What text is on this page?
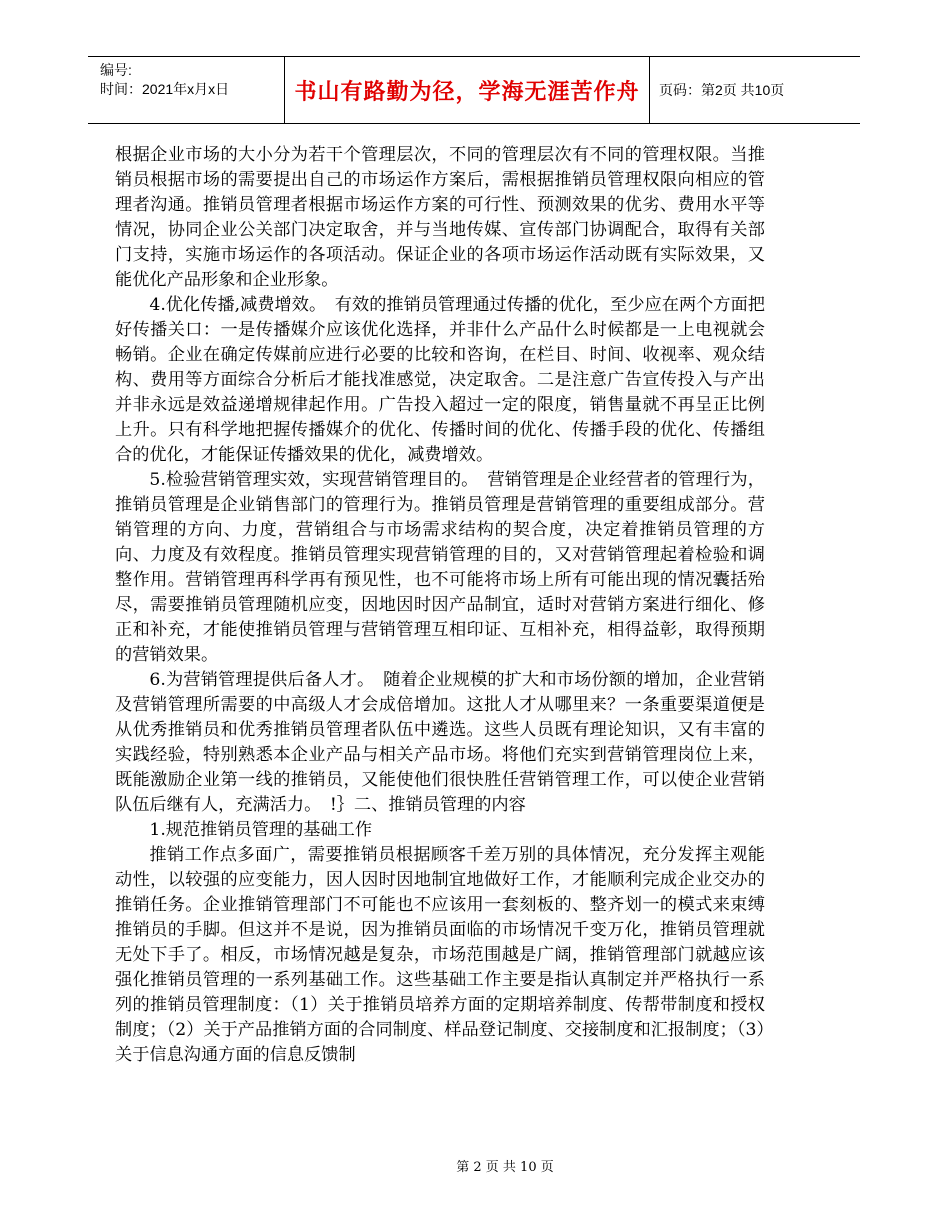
编号:
时间：2021年x月x日	书山有路勤为径，学海无涯苦作舟	页码：第2页 共10页

根据企业市场的大小分为若干个管理层次，不同的管理层次有不同的管理权限。当推销员根据市场的需要提出自己的市场运作方案后，需根据推销员管理权限向相应的管理者沟通。推销员管理者根据市场运作方案的可行性、预测效果的优劣、费用水平等情况，协同企业公关部门决定取舍，并与当地传媒、宣传部门协调配合，取得有关部门支持，实施市场运作的各项活动。保证企业的各项市场运作活动既有实际效果，又能优化产品形象和企业形象。

4.优化传播,减费增效。　有效的推销员管理通过传播的优化，至少应在两个方面把好传播关口：一是传播媒介应该优化选择，并非什么产品什么时候都是一上电视就会畅销。企业在确定传媒前应进行必要的比较和咨询，在栏目、时间、收视率、观众结构、费用等方面综合分析后才能找准感觉，决定取舍。二是注意广告宣传投入与产出并非永远是效益递增规律起作用。广告投入超过一定的限度，销售量就不再呈正比例上升。只有科学地把握传播媒介的优化、传播时间的优化、传播手段的优化、传播组合的优化，才能保证传播效果的优化，减费增效。

5.检验营销管理实效，实现营销管理目的。　营销管理是企业经营者的管理行为，推销员管理是企业销售部门的管理行为。推销员管理是营销管理的重要组成部分。营销管理的方向、力度，营销组合与市场需求结构的契合度，决定着推销员管理的方向、力度及有效程度。推销员管理实现营销管理的目的，又对营销管理起着检验和调整作用。营销管理再科学再有预见性，也不可能将市场上所有可能出现的情况囊括殆尽，需要推销员管理随机应变，因地因时因产品制宜，适时对营销方案进行细化、修正和补充，才能使推销员管理与营销管理互相印证、互相补充，相得益彰，取得预期的营销效果。

6.为营销管理提供后备人才。　随着企业规模的扩大和市场份额的增加，企业营销及营销管理所需要的中高级人才会成倍增加。这批人才从哪里来？一条重要渠道便是从优秀推销员和优秀推销员管理者队伍中遴选。这些人员既有理论知识，又有丰富的实践经验，特别熟悉本企业产品与相关产品市场。将他们充实到营销管理岗位上来，既能激励企业第一线的推销员，又能使他们很快胜任营销管理工作，可以使企业营销队伍后继有人，充满活力。　!｝二、推销员管理的内容

1.规范推销员管理的基础工作

推销工作点多面广，需要推销员根据顾客千差万别的具体情况，充分发挥主观能动性，以较强的应变能力，因人因时因地制宜地做好工作，才能顺利完成企业交办的推销任务。企业推销管理部门不可能也不应该用一套刻板的、整齐划一的模式来束缚推销员的手脚。但这并不是说，因为推销员面临的市场情况千变万化，推销员管理就无处下手了。相反，市场情况越是复杂，市场范围越是广阔，推销管理部门就越应该强化推销员管理的一系列基础工作。这些基础工作主要是指认真制定并严格执行一系列的推销员管理制度：（1）关于推销员培养方面的定期培养制度、传帮带制度和授权制度；（2）关于产品推销方面的合同制度、样品登记制度、交接制度和汇报制度；（3）关于信息沟通方面的信息反馈制

第 2 页 共 10 页
